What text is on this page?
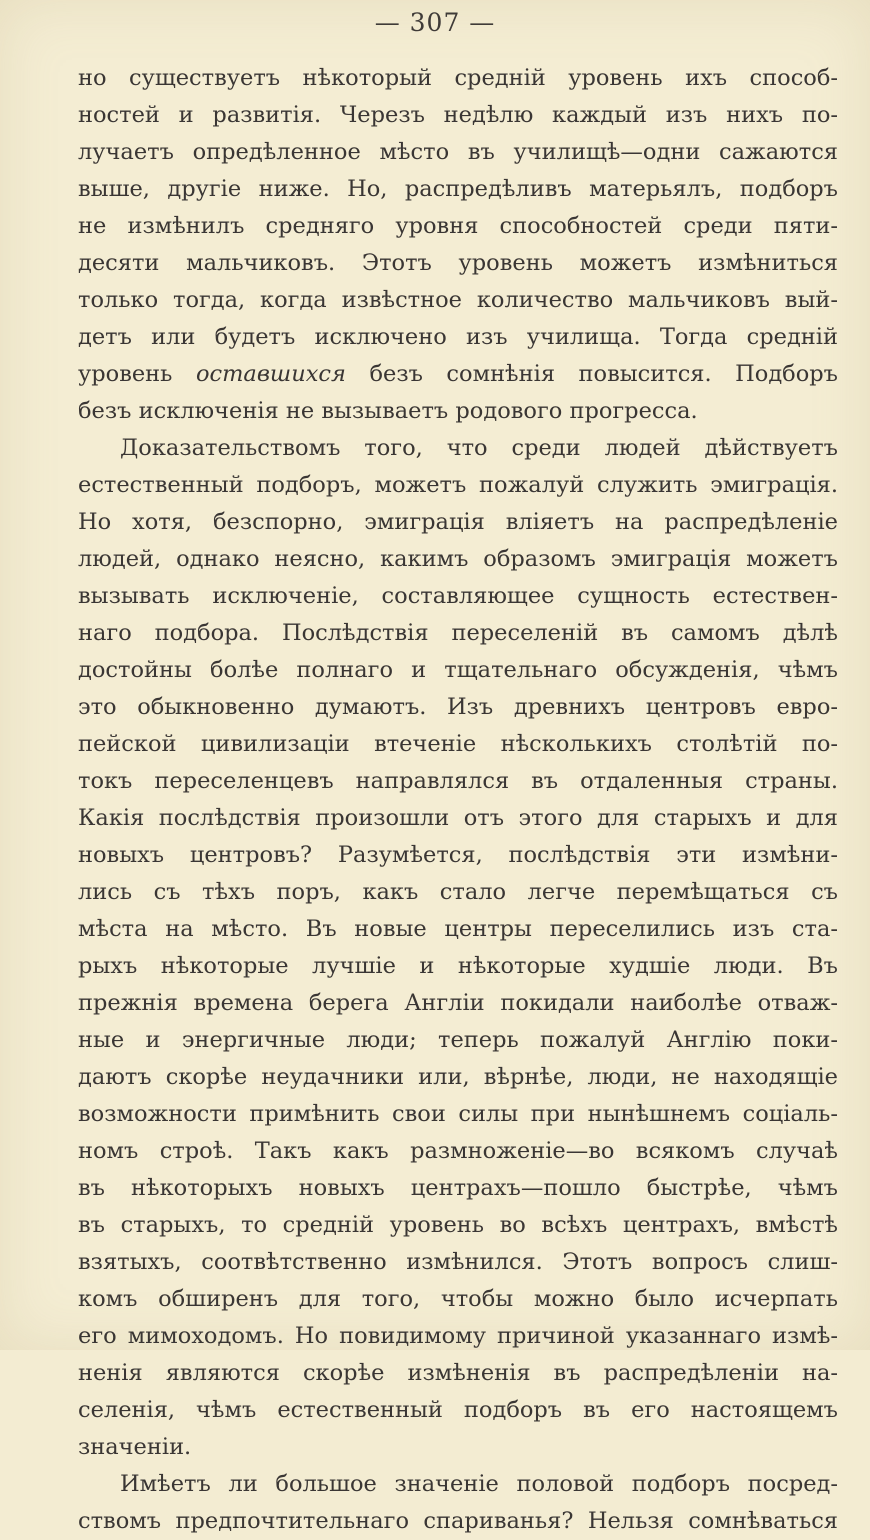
— 307 —
но существуетъ нѣкоторый среднiй уровень ихъ способ-
ностей и развитiя. Черезъ недѣлю каждый изъ нихъ по-
лучаетъ опредѣленное мѣсто въ училищѣ—одни сажаются
выше, другiе ниже. Но, распредѣливъ матерьялъ, подборъ
не измѣнилъ средняго уровня способностей среди пяти-
десяти мальчиковъ. Этотъ уровень можетъ измѣниться
только тогда, когда извѣстное количество мальчиковъ вый-
детъ или будетъ исключено изъ училища. Тогда среднiй
уровень оставшихся безъ сомнѣнiя повысится. Подборъ
безъ исключенiя не вызываетъ родового прогресса.
Доказательствомъ того, что среди людей дѣйствуетъ
естественный подборъ, можетъ пожалуй служить эмиграцiя.
Но хотя, безспорно, эмиграцiя влiяетъ на распредѣленiе
людей, однако неясно, какимъ образомъ эмиграцiя можетъ
вызывать исключенiе, составляющее сущность естествен-
наго подбора. Послѣдствiя переселенiй въ самомъ дѣлѣ
достойны болѣе полнаго и тщательнаго обсужденiя, чѣмъ
это обыкновенно думаютъ. Изъ древнихъ центровъ евро-
пейской цивилизацiи втеченiе нѣсколькихъ столѣтiй по-
токъ переселенцевъ направлялся въ отдаленныя страны.
Какiя послѣдствiя произошли отъ этого для старыхъ и для
новыхъ центровъ? Разумѣется, послѣдствiя эти измѣни-
лись съ тѣхъ поръ, какъ стало легче перемѣщаться съ
мѣста на мѣсто. Въ новые центры переселились изъ ста-
рыхъ нѣкоторые лучшiе и нѣкоторые худшiе люди. Въ
прежнiя времена берега Англiи покидали наиболѣе отваж-
ные и энергичные люди; теперь пожалуй Англiю поки-
даютъ скорѣе неудачники или, вѣрнѣе, люди, не находящiе
возможности примѣнить свои силы при нынѣшнемъ соцiаль-
номъ строѣ. Такъ какъ размноженiе—во всякомъ случаѣ
въ нѣкоторыхъ новыхъ центрахъ—пошло быстрѣе, чѣмъ
въ старыхъ, то среднiй уровень во всѣхъ центрахъ, вмѣстѣ
взятыхъ, соотвѣтственно измѣнился. Этотъ вопросъ слиш-
комъ обширенъ для того, чтобы можно было исчерпать
его мимоходомъ. Но повидимому причиной указаннаго измѣ-
ненiя являются скорѣе измѣненiя въ распредѣленiи на-
селенiя, чѣмъ естественный подборъ въ его настоящемъ
значенiи.
Имѣетъ ли большое значенiе половой подборъ посред-
ствомъ предпочтительнаго спариванья? Нельзя сомнѣваться
